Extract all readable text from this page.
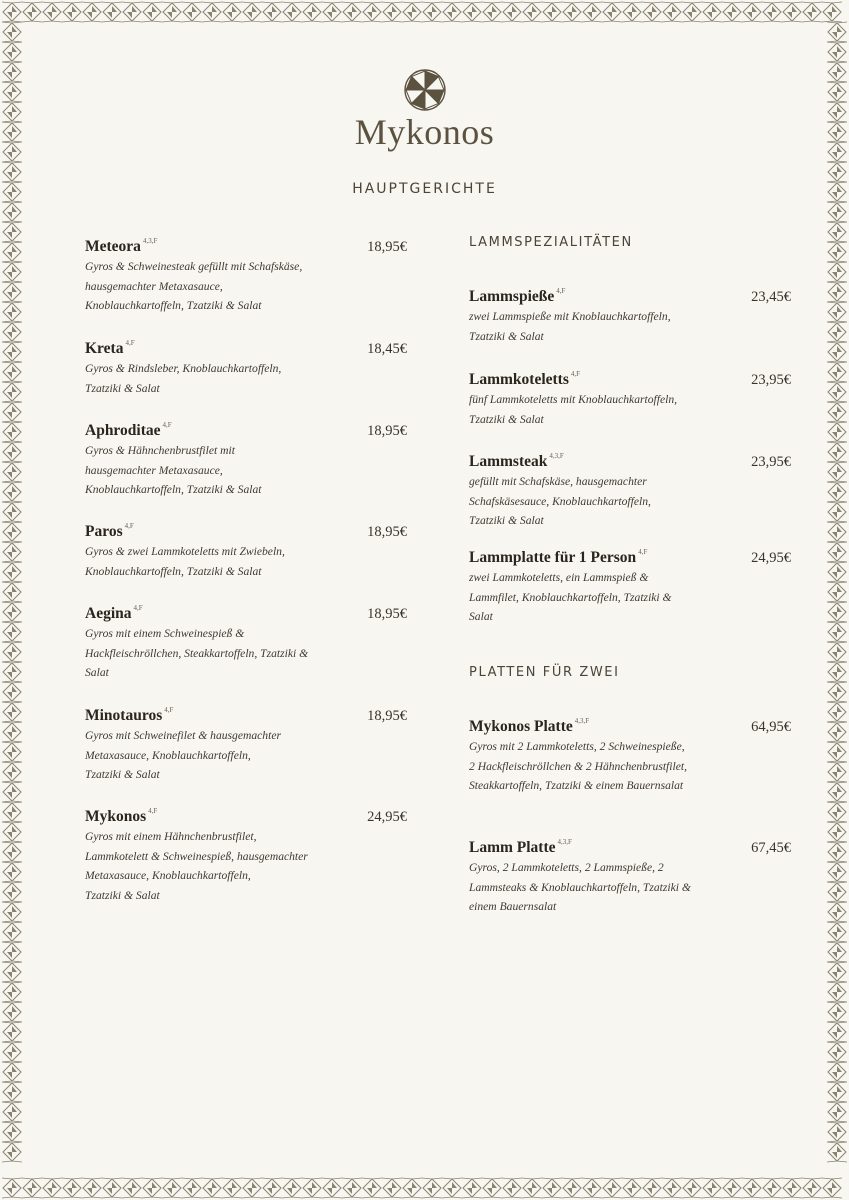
Mykonos
HAUPTGERICHTE
Meteora $^{4,3,F}$	18,95€
Gyros & Schweinesteak gefüllt mit Schafskäse,
hausgemachter Metaxasauce,
Knoblauchkartoffeln, Tzatziki & Salat
Kreta $^{4,F}$	18,45€
Gyros & Rindsleber, Knoblauchkartoffeln,
Tzatziki & Salat
Aphroditae $^{4,F}$	18,95€
Gyros & Hähnchenbrustfilet mit
hausgemachter Metaxasauce,
Knoblauchkartoffeln, Tzatziki & Salat
Paros $^{4,F}$	18,95€
Gyros & zwei Lammkoteletts mit Zwiebeln,
Knoblauchkartoffeln, Tzatziki & Salat
Aegina $^{4,F}$	18,95€
Gyros mit einem Schweinespieß &
Hackfleischröllchen, Steakkartoffeln, Tzatziki &
Salat
Minotauros $^{4,F}$	18,95€
Gyros mit Schweinefilet & hausgemachter
Metaxasauce, Knoblauchkartoffeln,
Tzatziki & Salat
Mykonos $^{4,F}$	24,95€
Gyros mit einem Hähnchenbrustfilet,
Lammkotelett & Schweinespieß, hausgemachter
Metaxasauce, Knoblauchkartoffeln,
Tzatziki & Salat
LAMMSPEZIALITÄTEN
Lammspieße $^{4,F}$	23,45€
zwei Lammspieße mit Knoblauchkartoffeln,
Tzatziki & Salat
Lammkoteletts $^{4,F}$	23,95€
fünf Lammkoteletts mit Knoblauchkartoffeln,
Tzatziki & Salat
Lammsteak $^{4,3,F}$	23,95€
gefüllt mit Schafskäse, hausgemachter
Schafskäsesauce, Knoblauchkartoffeln,
Tzatziki & Salat
Lammplatte für 1 Person $^{4,F}$	24,95€
zwei Lammkoteletts, ein Lammspieß &
Lammfilet, Knoblauchkartoffeln, Tzatziki &
Salat
PLATTEN FÜR ZWEI
Mykonos Platte $^{4,3,F}$	64,95€
Gyros mit 2 Lammkoteletts, 2 Schweinespieße,
2 Hackfleischröllchen & 2 Hähnchenbrustfilet,
Steakkartoffeln, Tzatziki & einem Bauernsalat
Lamm Platte $^{4,3,F}$	67,45€
Gyros, 2 Lammkoteletts, 2 Lammspieße, 2
Lammsteaks & Knoblauchkartoffeln, Tzatziki &
einem Bauernsalat
